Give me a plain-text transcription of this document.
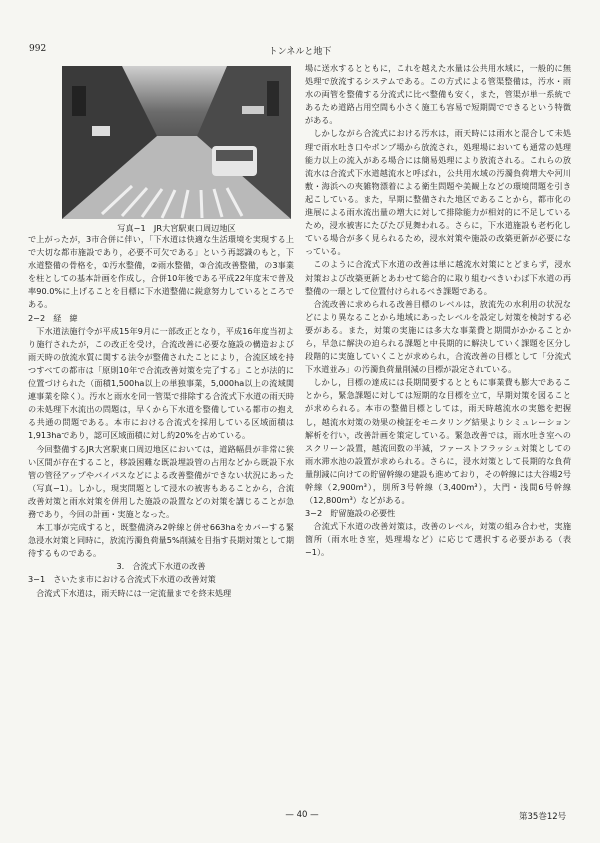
992	トンネルと地下
写真−1　JR大宮駅東口周辺地区

で上がったが，3市合併に伴い，「下水道は快適な生活環境を実現する上で大切な都市施設であり，必要不可欠である」という再認識のもと，下水道整備の骨格を，①汚水整備，②雨水整備，③合流改善整備，の3事業を柱としての基本計画を作成し，合併10年後である平成22年度末で普及率90.0%に上げることを目標に下水道整備に鋭意努力しているところである。

2−2　経　緯

　下水道法施行令が平成15年9月に一部改正となり，平成16年度当初より施行されたが，この改正を受け，合流改善に必要な施設の構造および雨天時の放流水質に関する法令が整備されたことにより，合流区域を持つすべての都市は「原則10年で合流改善対策を完了する」ことが法的に位置づけられた（面積1,500ha以上の単独事業，5,000ha以上の流域関連事業を除く）。汚水と雨水を同一管渠で排除する合流式下水道の雨天時の未処理下水流出の問題は，早くから下水道を整備している都市の抱える共通の問題である。本市における合流式を採用している区域面積は1,913haであり，認可区域面積に対し約20%を占めている。

　今回整備するJR大宮駅東口周辺地区においては，道路幅員が非常に狭い区間が存在すること，移設困難な既設埋設管の占用などから既設下水管の管径アップやバイパスなどによる改善整備ができない状況にあった（写真−1）。しかし，現実問題として浸水の被害もあることから，合流改善対策と雨水対策を併用した施設の設置などの対策を講じることが急務であり，今回の計画・実施となった。

　本工事が完成すると，既整備済み2幹線と併せ663haをカバーする緊急浸水対策と同時に，放流汚濁負荷量5%削減を目指す長期対策として期待するものである。

3.　合流式下水道の改善

3−1　さいたま市における合流式下水道の改善対策

　合流式下水道は，雨天時には一定流量までを終末処理

場に送水するとともに，これを越えた水量は公共用水域に，一般的に無処理で放流するシステムである。この方式による管渠整備は，汚水・雨水の両管を整備する分流式に比べ整備も安く，また，管渠が単一系統であるため道路占用空間も小さく施工も容易で短期間でできるという特徴がある。

　しかしながら合流式における汚水は，雨天時には雨水と混合して未処理で雨水吐き口やポンプ場から放流され，処理場においても通常の処理能力以上の流入がある場合には簡易処理により放流される。これらの放流水は合流式下水道越流水と呼ばれ，公共用水域の汚濁負荷増大や河川敷・海浜への夾雑物漂着による衛生問題や美観上などの環境問題を引き起こしている。また，早期に整備された地区であることから，都市化の進展による雨水流出量の増大に対して排除能力が相対的に不足しているため，浸水被害にたびたび見舞われる。さらに，下水道施設も老朽化している場合が多く見られるため，浸水対策や施設の改築更新が必要になっている。

　このように合流式下水道の改善は単に越流水対策にとどまらず，浸水対策および改築更新とあわせて総合的に取り組むべきいわば下水道の再整備の一環として位置付けられるべき課題である。

　合流改善に求められる改善目標のレベルは，放流先の水利用の状況などにより異なることから地域にあったレベルを設定し対策を検討する必要がある。また，対策の実施には多大な事業費と期間がかかることから，早急に解決の迫られる課題と中長期的に解決していく課題を区分し段階的に実施していくことが求められ，合流改善の目標として「分流式下水道並み」の汚濁負荷量削減の目標が設定されている。

　しかし，目標の達成には長期間要するとともに事業費も膨大であることから，緊急課題に対しては短期的な目標を立て，早期対策を図ることが求められる。本市の整備目標としては，雨天時越流水の実態を把握し，越流水対策の効果の検証をモニタリング結果よりシミュレーション解析を行い，改善計画を策定している。緊急改善では，雨水吐き室へのスクリーン設置，越流回数の半減，ファーストフラッシュ対策としての雨水滞水池の設置が求められる。さらに，浸水対策として長期的な負荷量削減に向けての貯留幹線の建設も進めており，その幹線には大谷場2号幹線（2,900m³），別所3号幹線（3,400m³），大門・浅間6号幹線（12,800m³）などがある。

3−2　貯留施設の必要性

　合流式下水道の改善対策は，改善のレベル，対策の組み合わせ，実施箇所（雨水吐き室，処理場など）に応じて選択する必要がある（表−1）。

— 40 —	第35巻12号
